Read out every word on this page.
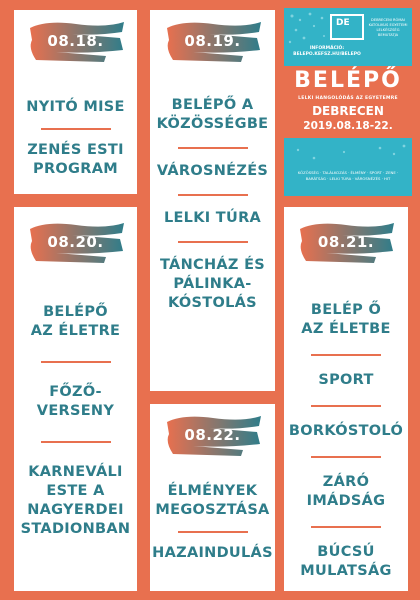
08.18.
NYITÓ MISE
ZENÉS ESTI
PROGRAM
08.19.
BELÉPŐ A
KÖZÖSSÉGBE
VÁROSNÉZÉS
LELKI TÚRA
TÁNCHÁZ ÉS
PÁLINKA-
KÓSTOLÁS
DE
INFORMÁCIÓ: BELEPO.KEFSZ.HU/BELEPO
DEBRECENI RÓMAI KATOLIKUS EGYETEMI LELKÉSZSÉG BEMUTATJA
BELÉPŐ
LELKI HANGOLÓDÁS AZ EGYETEMRE
DEBRECEN
2019.08.18-22.
KÖZÖSSÉG · TALÁLKOZÁS · ÉLMÉNY · SPORT · ZENE · BARÁTSÁG · LELKI TÚRA · VÁROSNÉZÉS · HIT
08.20.
BELÉPŐ
AZ ÉLETRE
FŐZŐ-
VERSENY
KARNEVÁLI
ESTE A
NAGYERDEI
STADIONBAN
08.21.
BELÉP Ő
AZ ÉLETBE
SPORT
BORKÓSTOLÓ
ZÁRÓ IMÁDSÁG
BÚCSÚ
MULATSÁG
08.22.
ÉLMÉNYEK
MEGOSZTÁSA
HAZAINDULÁS
